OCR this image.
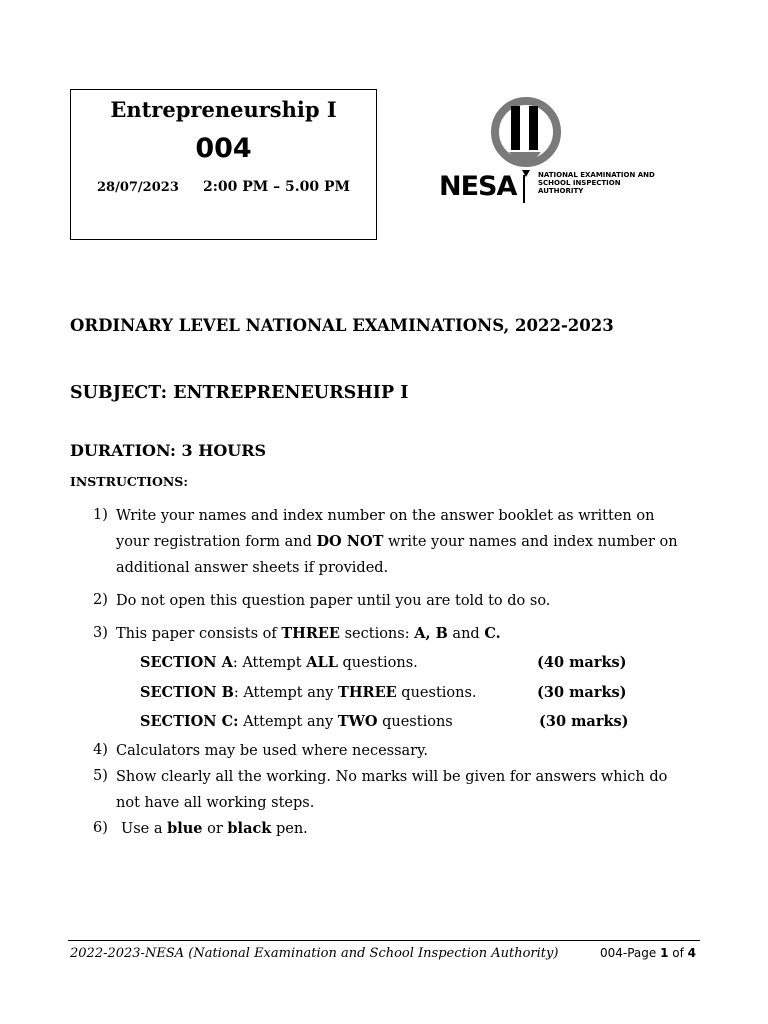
Entrepreneurship I
004
28/07/2023 2:00 PM – 5.00 PM	NESA	NATIONAL EXAMINATION AND
SCHOOL INSPECTION
AUTHORITY
ORDINARY LEVEL NATIONAL EXAMINATIONS, 2022-2023
SUBJECT: ENTREPRENEURSHIP I
DURATION: 3 HOURS
INSTRUCTIONS:
1) Write your names and index number on the answer booklet as written on
your registration form and DO NOT write your names and index number on
additional answer sheets if provided.
2) Do not open this question paper until you are told to do so.
3) This paper consists of THREE sections: A, B and C.
SECTION A: Attempt ALL questions.	(40 marks)
SECTION B: Attempt any THREE questions.	(30 marks)
SECTION C: Attempt any TWO questions	(30 marks)
4) Calculators may be used where necessary.
5) Show clearly all the working. No marks will be given for answers which do
not have all working steps.
6) Use a blue or black pen.
2022-2023-NESA (National Examination and School Inspection Authority)	004-Page 1 of 4
